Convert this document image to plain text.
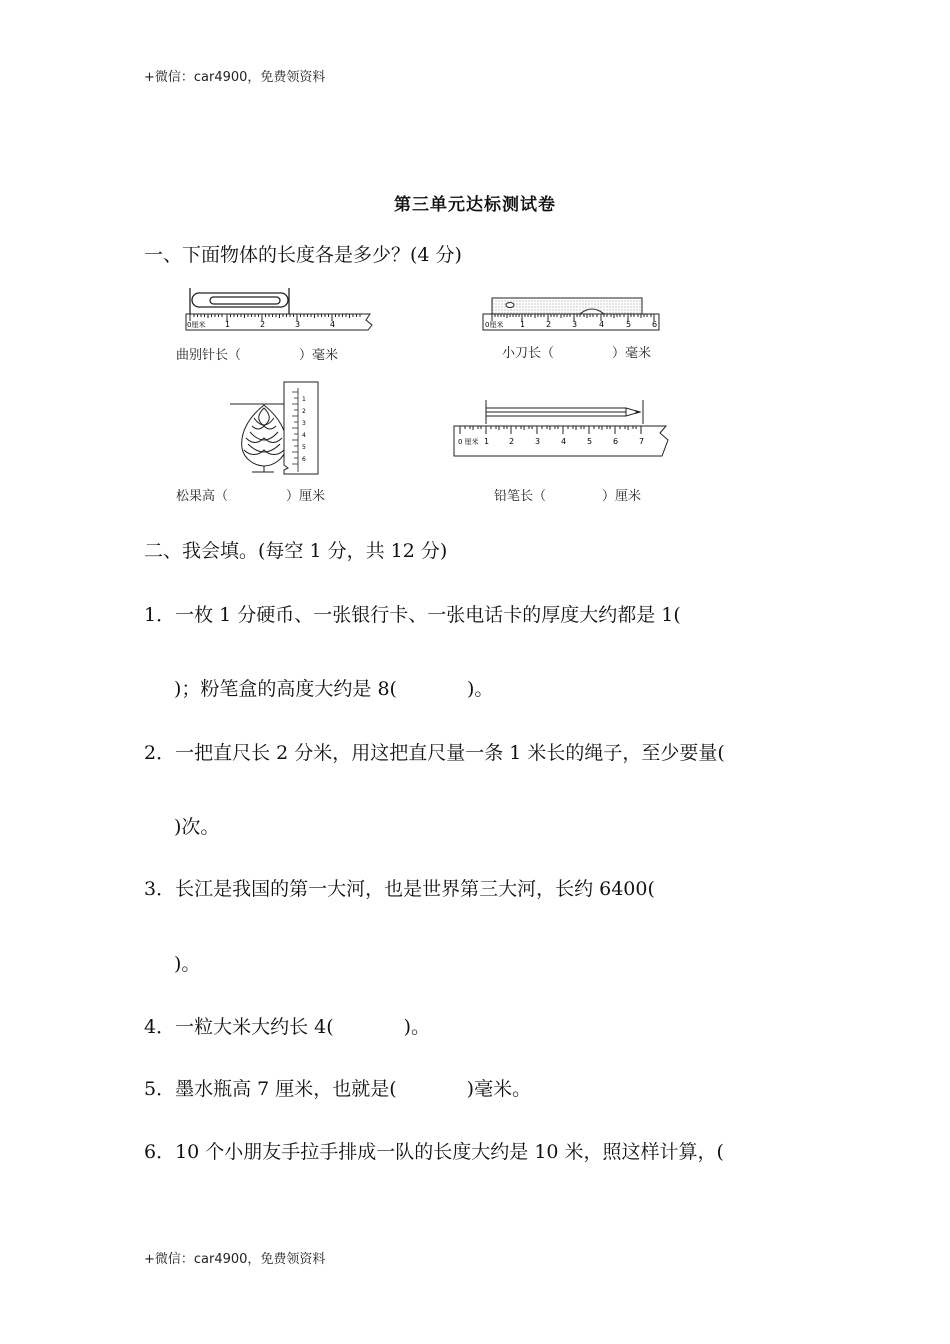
+微信：car4900，免费领资料
第三单元达标测试卷
一、下面物体的长度各是多少？(4 分)
0厘米 1	2	3	4
曲别针长（	）毫米
0厘米 1	2	3	4	5	6
小刀长（	）毫米
1
2
3
4
5
6
松果高（	）厘米
0 厘米 1 2	3	4	5	6	7
铅笔长（	）厘米
二、我会填。(每空 1 分，共 12 分)
1．一枚 1 分硬币、一张银行卡、一张电话卡的厚度大约都是 1(
)；粉笔盒的高度大约是 8(	)。
2．一把直尺长 2 分米，用这把直尺量一条 1 米长的绳子，至少要量(
)次。
3．长江是我国的第一大河，也是世界第三大河，长约 6400(
)。
4．一粒大米大约长 4(	)。
5．墨水瓶高 7 厘米，也就是(	)毫米。
6．10 个小朋友手拉手排成一队的长度大约是 10 米，照这样计算，(
+微信：car4900，免费领资料
